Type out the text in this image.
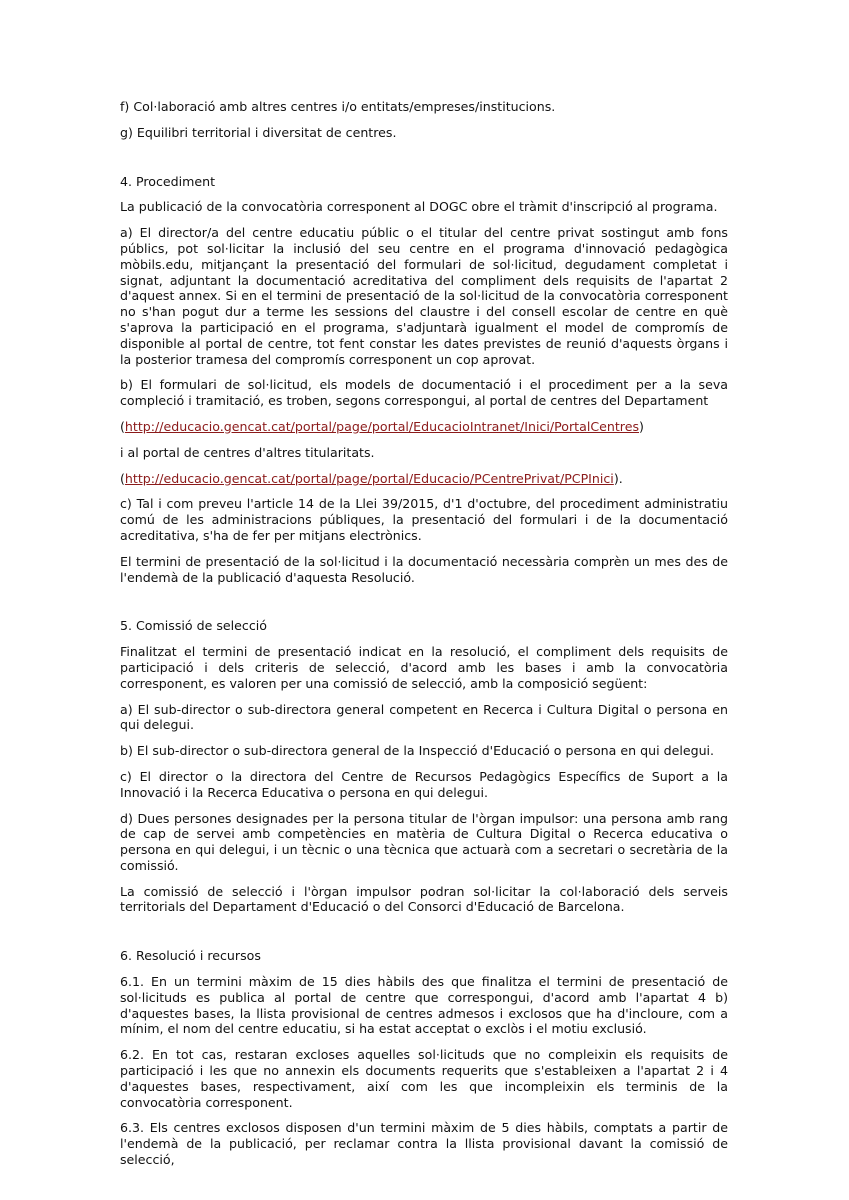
f) Col·laboració amb altres centres i/o entitats/empreses/institucions.

g) Equilibri territorial i diversitat de centres.

4. Procediment

La publicació de la convocatòria corresponent al DOGC obre el tràmit d'inscripció al programa.

a) El director/a del centre educatiu públic o el titular del centre privat sostingut amb fons públics, pot sol·licitar la inclusió del seu centre en el programa d'innovació pedagògica mòbils.edu, mitjançant la presentació del formulari de sol·licitud, degudament completat i signat, adjuntant la documentació acreditativa del compliment dels requisits de l'apartat 2 d'aquest annex. Si en el termini de presentació de la sol·licitud de la convocatòria corresponent no s'han pogut dur a terme les sessions del claustre i del consell escolar de centre en què s'aprova la participació en el programa, s'adjuntarà igualment el model de compromís de disponible al portal de centre, tot fent constar les dates previstes de reunió d'aquests òrgans i la posterior tramesa del compromís corresponent un cop aprovat.

b) El formulari de sol·licitud, els models de documentació i el procediment per a la seva compleció i tramitació, es troben, segons correspongui, al portal de centres del Departament

(http://educacio.gencat.cat/portal/page/portal/EducacioIntranet/Inici/PortalCentres)

i al portal de centres d'altres titularitats.

(http://educacio.gencat.cat/portal/page/portal/Educacio/PCentrePrivat/PCPInici).

c) Tal i com preveu l'article 14 de la Llei 39/2015, d'1 d'octubre, del procediment administratiu comú de les administracions públiques, la presentació del formulari i de la documentació acreditativa, s'ha de fer per mitjans electrònics.

El termini de presentació de la sol·licitud i la documentació necessària comprèn un mes des de l'endemà de la publicació d'aquesta Resolució.

5. Comissió de selecció

Finalitzat el termini de presentació indicat en la resolució, el compliment dels requisits de participació i dels criteris de selecció, d'acord amb les bases i amb la convocatòria corresponent, es valoren per una comissió de selecció, amb la composició següent:

a) El sub-director o sub-directora general competent en Recerca i Cultura Digital o persona en qui delegui.

b) El sub-director o sub-directora general de la Inspecció d'Educació o persona en qui delegui.

c) El director o la directora del Centre de Recursos Pedagògics Específics de Suport a la Innovació i la Recerca Educativa o persona en qui delegui.

d) Dues persones designades per la persona titular de l'òrgan impulsor: una persona amb rang de cap de servei amb competències en matèria de Cultura Digital o Recerca educativa o persona en qui delegui, i un tècnic o una tècnica que actuarà com a secretari o secretària de la comissió.

La comissió de selecció i l'òrgan impulsor podran sol·licitar la col·laboració dels serveis territorials del Departament d'Educació o del Consorci d'Educació de Barcelona.

6. Resolució i recursos

6.1. En un termini màxim de 15 dies hàbils des que finalitza el termini de presentació de sol·licituds es publica al portal de centre que correspongui, d'acord amb l'apartat 4 b) d'aquestes bases, la llista provisional de centres admesos i exclosos que ha d'incloure, com a mínim, el nom del centre educatiu, si ha estat acceptat o exclòs i el motiu exclusió.

6.2. En tot cas, restaran excloses aquelles sol·licituds que no compleixin els requisits de participació i les que no annexin els documents requerits que s'estableixen a l'apartat 2 i 4 d'aquestes bases, respectivament, així com les que incompleixin els terminis de la convocatòria corresponent.

6.3. Els centres exclosos disposen d'un termini màxim de 5 dies hàbils, comptats a partir de l'endemà de la publicació, per reclamar contra la llista provisional davant la comissió de selecció,
